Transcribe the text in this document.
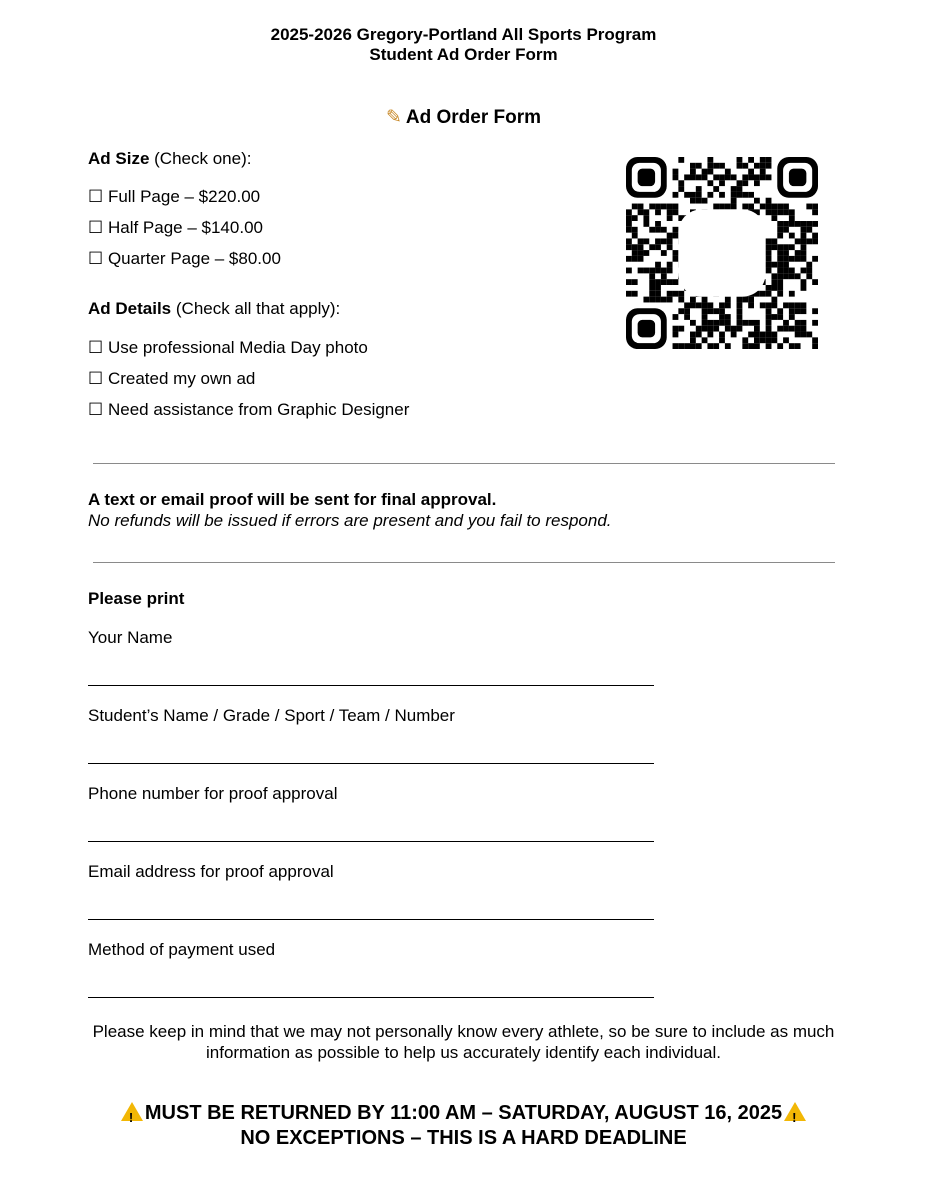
2025-2026 Gregory-Portland All Sports Program
Student Ad Order Form
✎ Ad Order Form
Ad Size (Check one):
☐ Full Page – $220.00
☐ Half Page – $140.00
☐ Quarter Page – $80.00
Ad Details (Check all that apply):
☐ Use professional Media Day photo
☐ Created my own ad
☐ Need assistance from Graphic Designer
A text or email proof will be sent for final approval.
No refunds will be issued if errors are present and you fail to respond.
Please print
Your Name
Student’s Name / Grade / Sport / Team / Number
Phone number for proof approval
Email address for proof approval
Method of payment used
Please keep in mind that we may not personally know every athlete, so be sure to include as much information as possible to help us accurately identify each individual.
!MUST BE RETURNED BY 11:00 AM – SATURDAY, AUGUST 16, 2025!
NO EXCEPTIONS – THIS IS A HARD DEADLINE
